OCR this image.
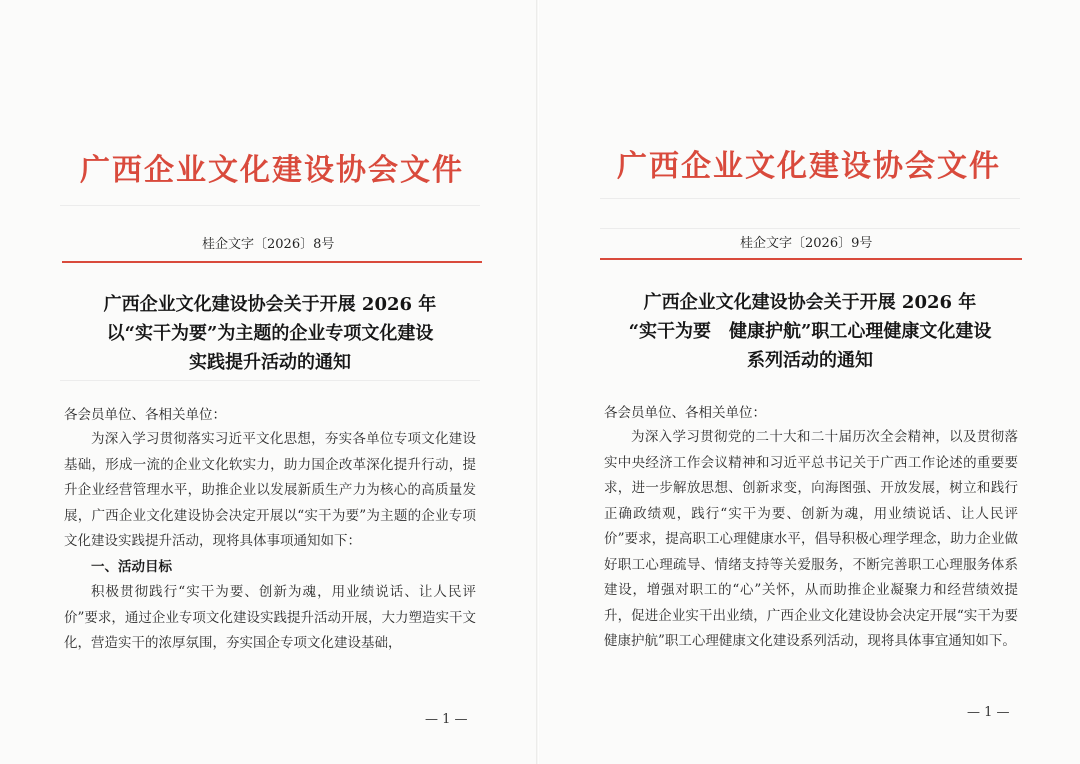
广西企业文化建设协会文件
桂企文字〔2026〕8号
广西企业文化建设协会关于开展 2026 年
以“实干为要”为主题的企业专项文化建设
实践提升活动的通知
各会员单位、各相关单位：

为深入学习贯彻落实习近平文化思想，夯实各单位专项文化建设基础，形成一流的企业文化软实力，助力国企改革深化提升行动，提升企业经营管理水平，助推企业以发展新质生产力为核心的高质量发展，广西企业文化建设协会决定开展以“实干为要”为主题的企业专项文化建设实践提升活动，现将具体事项通知如下：

一、活动目标

积极贯彻践行“实干为要、创新为魂，用业绩说话、让人民评价”要求，通过企业专项文化建设实践提升活动开展，大力塑造实干文化，营造实干的浓厚氛围，夯实国企专项文化建设基础，

— 1 —
广西企业文化建设协会文件
桂企文字〔2026〕9号
广西企业文化建设协会关于开展 2026 年
“实干为要　健康护航”职工心理健康文化建设
系列活动的通知
各会员单位、各相关单位：

为深入学习贯彻党的二十大和二十届历次全会精神，以及贯彻落实中央经济工作会议精神和习近平总书记关于广西工作论述的重要要求，进一步解放思想、创新求变，向海图强、开放发展，树立和践行正确政绩观，践行“实干为要、创新为魂，用业绩说话、让人民评价”要求，提高职工心理健康水平，倡导积极心理学理念，助力企业做好职工心理疏导、情绪支持等关爱服务，不断完善职工心理服务体系建设，增强对职工的“心”关怀，从而助推企业凝聚力和经营绩效提升，促进企业实干出业绩，广西企业文化建设协会决定开展“实干为要 健康护航”职工心理健康文化建设系列活动，现将具体事宜通知如下。

— 1 —
